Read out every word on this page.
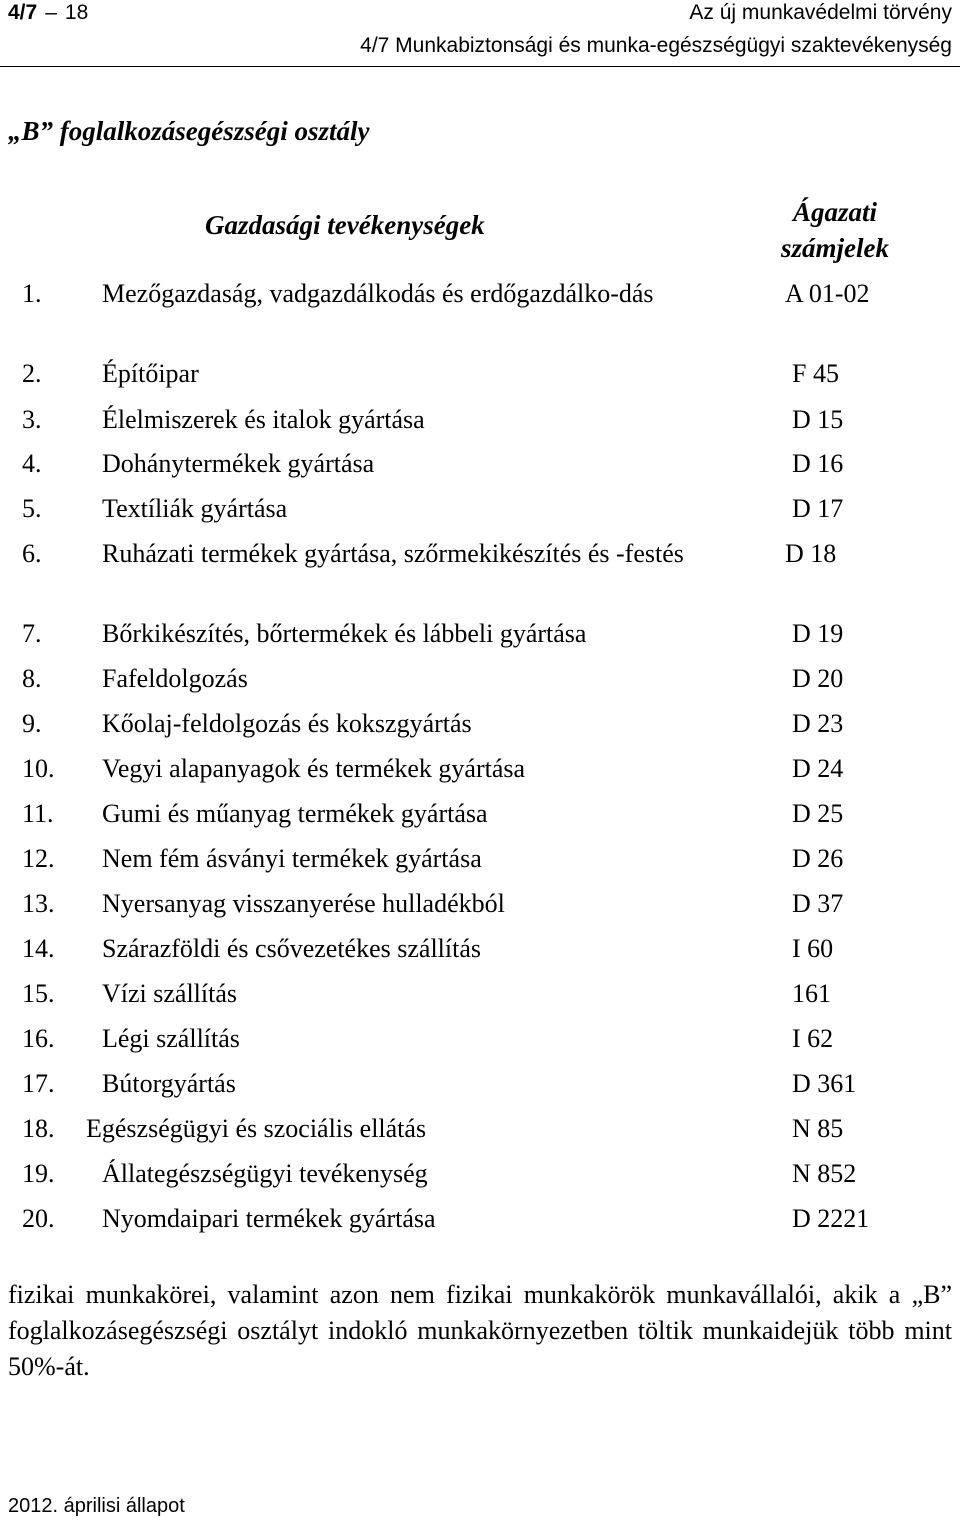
4/7 – 18	Az új munkavédelmi törvény
4/7 Munkabiztonsági és munka-egészségügyi szaktevékenység
„B” foglalkozásegészségi osztály
Gazdasági tevékenységek	Ágazati számjelek
1. Mezőgazdaság, vadgazdálkodás és erdőgazdálko-dás	A 01-02
2. Építőipar	F 45
3. Élelmiszerek és italok gyártása	D 15
4. Dohánytermékek gyártása	D 16
5. Textíliák gyártása	D 17
6. Ruházati termékek gyártása, szőrmekikészítés és -festés	D 18
7. Bőrkikészítés, bőrtermékek és lábbeli gyártása	D 19
8. Fafeldolgozás	D 20
9. Kőolaj-feldolgozás és kokszgyártás	D 23
10. Vegyi alapanyagok és termékek gyártása	D 24
11. Gumi és műanyag termékek gyártása	D 25
12. Nem fém ásványi termékek gyártása	D 26
13. Nyersanyag visszanyerése hulladékból	D 37
14. Szárazföldi és csővezetékes szállítás	I 60
15. Vízi szállítás	161
16. Légi szállítás	I 62
17. Bútorgyártás	D 361
18. Egészségügyi és szociális ellátás	N 85
19. Állategészségügyi tevékenység	N 852
20. Nyomdaipari termékek gyártása	D 2221
fizikai munkakörei, valamint azon nem fizikai munkakörök munkavállalói, akik a „B” foglalkozásegészségi osztályt indokló munkakörnyezetben töltik munkaidejük több mint 50%-át.
2012. áprilisi állapot
